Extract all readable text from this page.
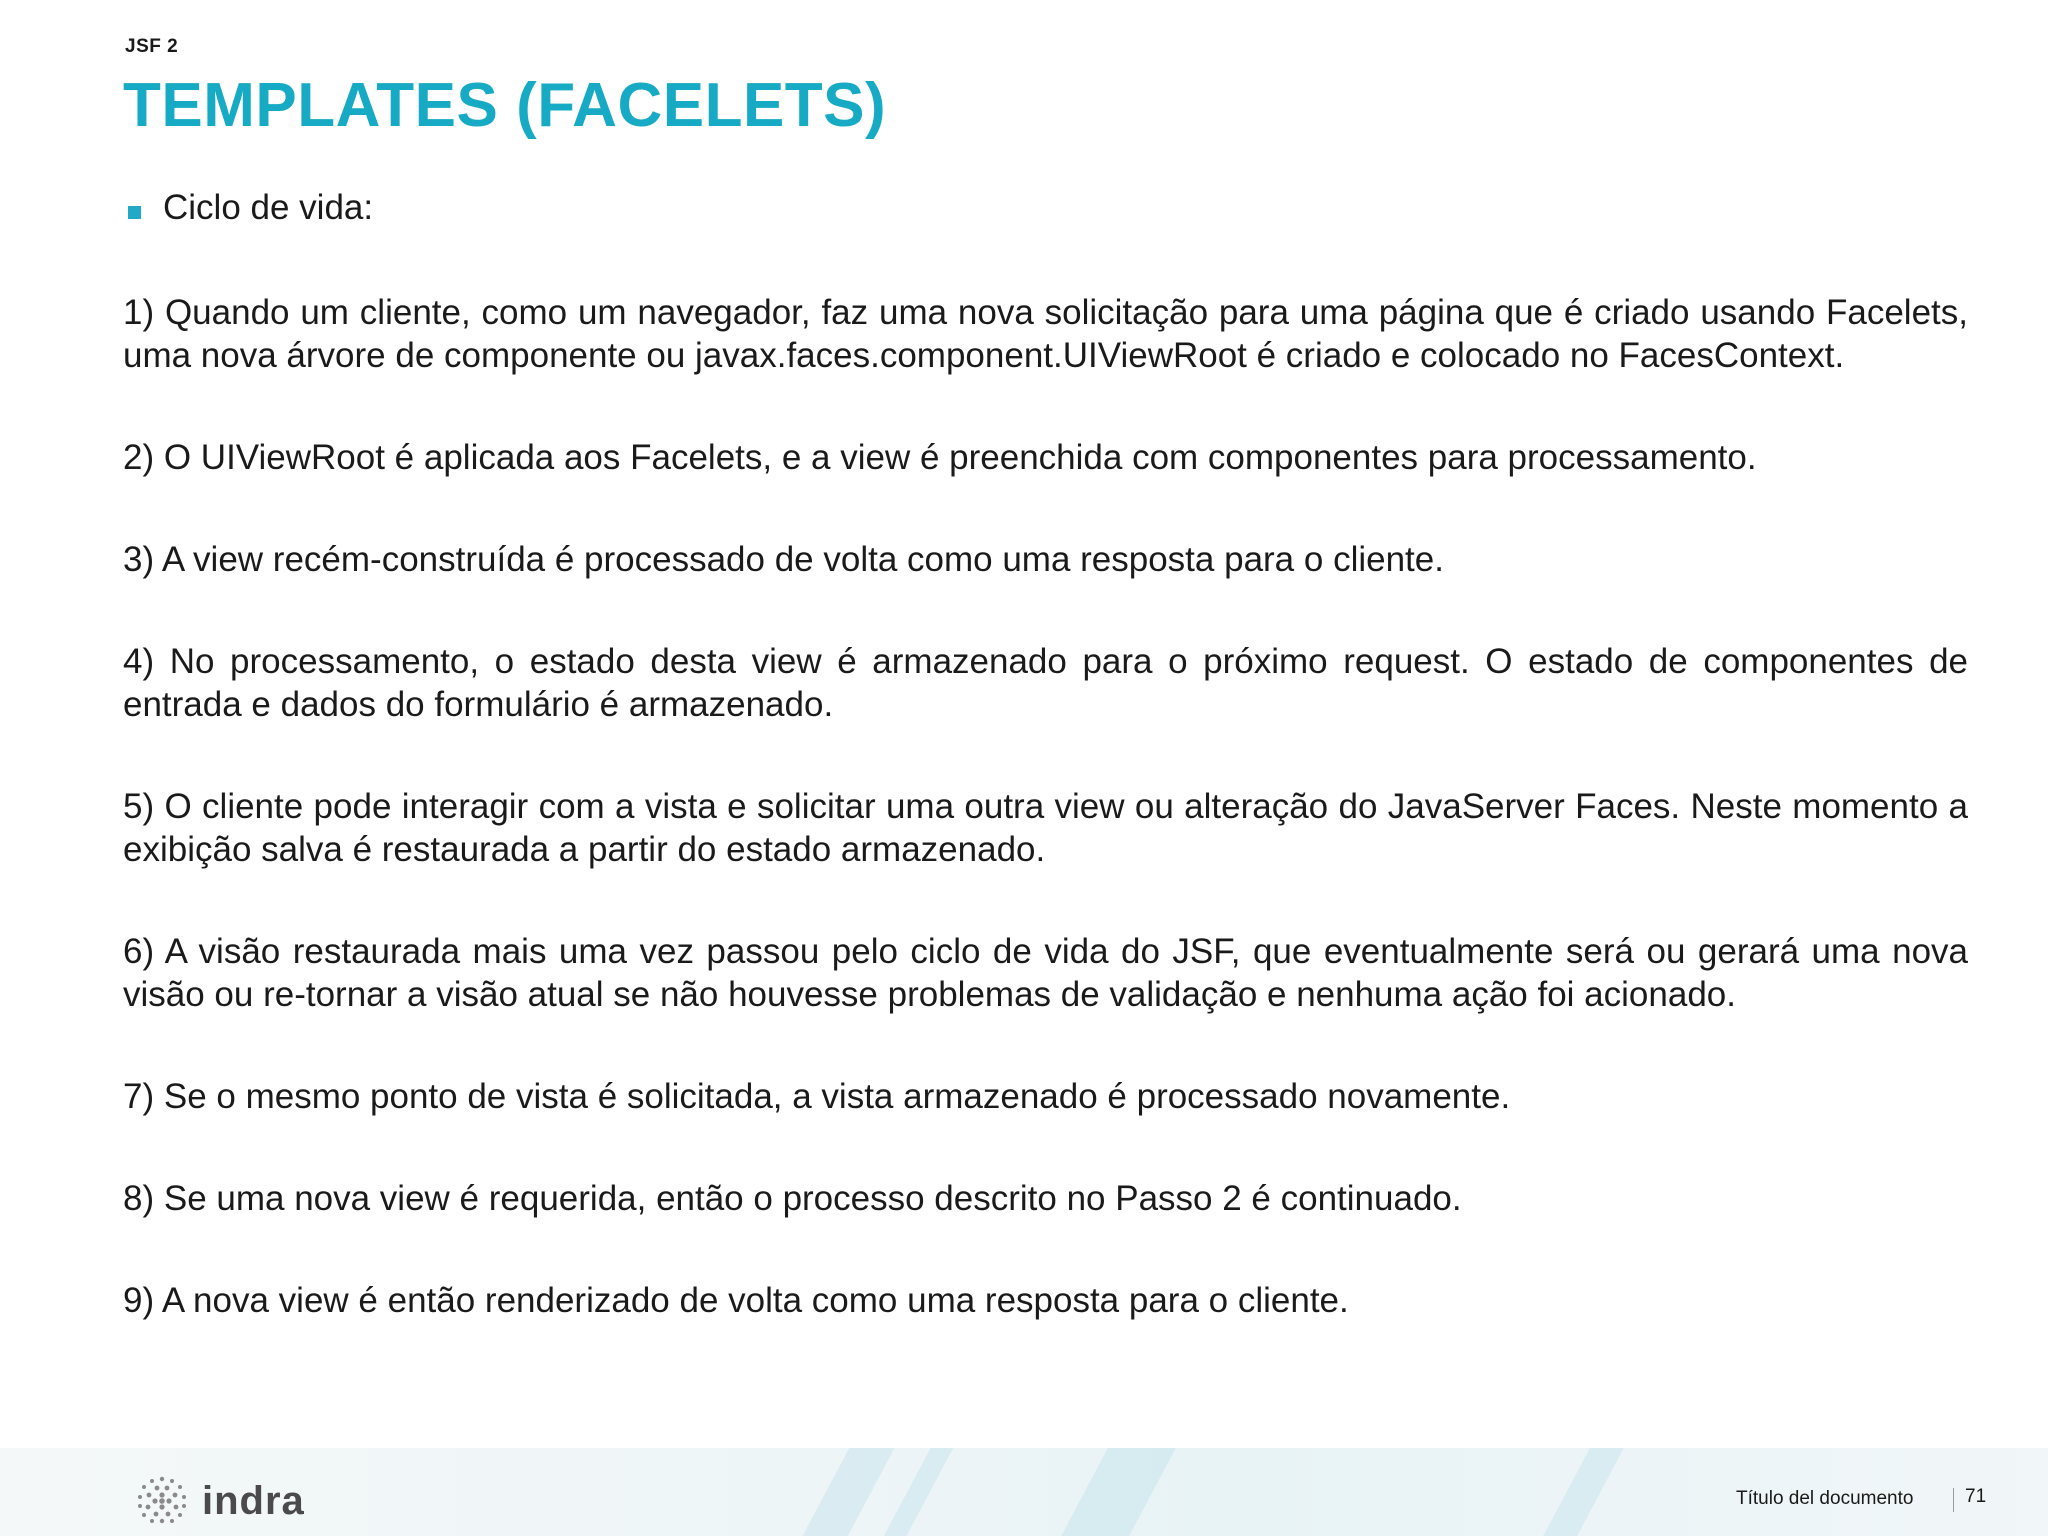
JSF 2
TEMPLATES (FACELETS)
Ciclo de vida:

1) Quando um cliente, como um navegador, faz uma nova solicitação para uma página que é criado usando Facelets, uma nova árvore de componente ou javax.faces.component.UIViewRoot é criado e colocado no FacesContext.

2) O UIViewRoot é aplicada aos Facelets, e a view é preenchida com componentes para processamento.

3) A view recém-construída é processado de volta como uma resposta para o cliente.

4) No processamento, o estado desta view é armazenado para o próximo request. O estado de componentes de entrada e dados do formulário é armazenado.

5) O cliente pode interagir com a vista e solicitar uma outra view ou alteração do JavaServer Faces. Neste momento a exibição salva é restaurada a partir do estado armazenado.

6) A visão restaurada mais uma vez passou pelo ciclo de vida do JSF, que eventualmente será ou gerará uma nova visão ou re-tornar a visão atual se não houvesse problemas de validação e nenhuma ação foi acionado.

7) Se o mesmo ponto de vista é solicitada, a vista armazenado é processado novamente.

8) Se uma nova view é requerida, então o processo descrito no Passo 2 é continuado.

9) A nova view é então renderizado de volta como uma resposta para o cliente.

indra	Título del documento	71
